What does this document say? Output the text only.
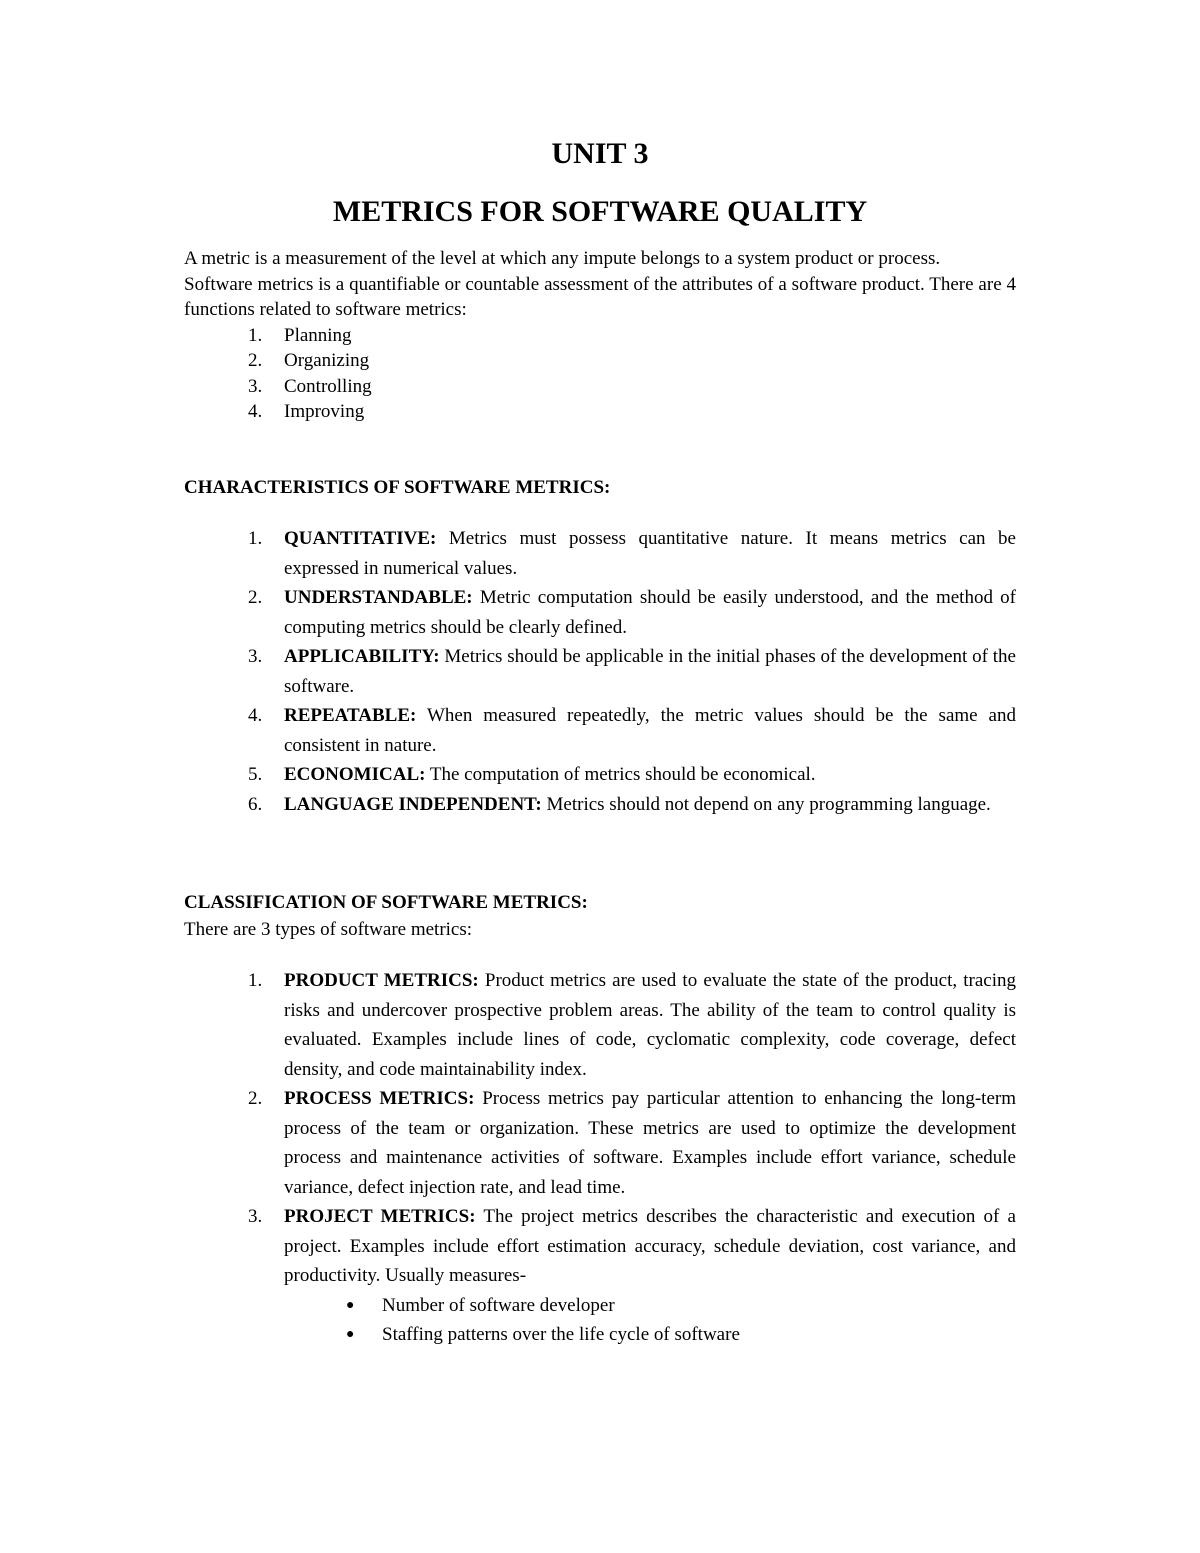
UNIT 3
METRICS FOR SOFTWARE QUALITY

A metric is a measurement of the level at which any impute belongs to a system product or process.

Software metrics is a quantifiable or countable assessment of the attributes of a software product. There are 4 functions related to software metrics:

1. Planning
2. Organizing
3. Controlling
4. Improving
CHARACTERISTICS OF SOFTWARE METRICS:
1. QUANTITATIVE: Metrics must possess quantitative nature. It means metrics can be expressed in numerical values.
2. UNDERSTANDABLE: Metric computation should be easily understood, and the method of computing metrics should be clearly defined.
3. APPLICABILITY: Metrics should be applicable in the initial phases of the development of the software.
4. REPEATABLE: When measured repeatedly, the metric values should be the same and consistent in nature.
5. ECONOMICAL: The computation of metrics should be economical.
6. LANGUAGE INDEPENDENT: Metrics should not depend on any programming language.
CLASSIFICATION OF SOFTWARE METRICS:
There are 3 types of software metrics:
1. PRODUCT METRICS: Product metrics are used to evaluate the state of the product, tracing risks and undercover prospective problem areas. The ability of the team to control quality is evaluated. Examples include lines of code, cyclomatic complexity, code coverage, defect density, and code maintainability index.
2. PROCESS METRICS: Process metrics pay particular attention to enhancing the long-term process of the team or organization. These metrics are used to optimize the development process and maintenance activities of software. Examples include effort variance, schedule variance, defect injection rate, and lead time.
3. PROJECT METRICS: The project metrics describes the characteristic and execution of a project. Examples include effort estimation accuracy, schedule deviation, cost variance, and productivity. Usually measures-
● Number of software developer
● Staffing patterns over the life cycle of software
